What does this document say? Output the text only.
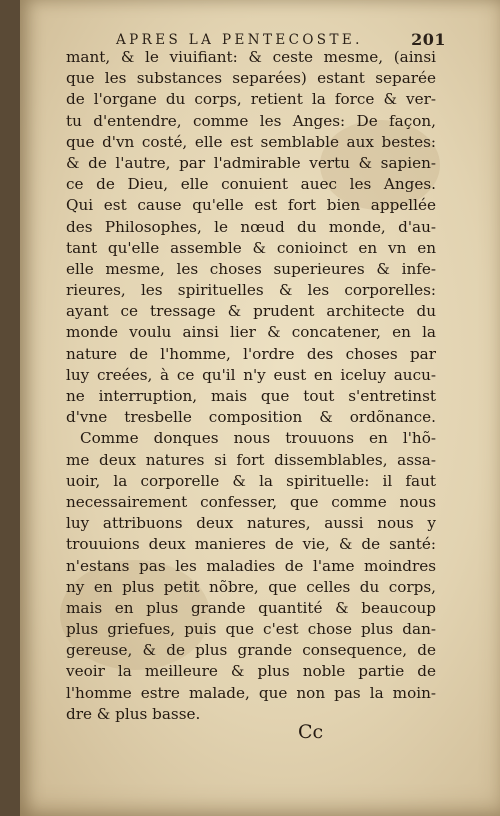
APRES LA PENTECOSTE.	201
mant, & le viuifiant: & ceste mesme, (ainsi
que les substances separées) estant separée
de l'organe du corps, retient la force & ver-
tu d'entendre, comme les Anges: De façon,
que d'vn costé, elle est semblable aux bestes:
& de l'autre, par l'admirable vertu & sapien-
ce de Dieu, elle conuient auec les Anges.
Qui est cause qu'elle est fort bien appellée
des Philosophes, le nœud du monde, d'au-
tant qu'elle assemble & conioinct en vn en
elle mesme, les choses superieures & infe-
rieures, les spirituelles & les corporelles:
ayant ce tressage & prudent architecte du
monde voulu ainsi lier & concatener, en la
nature de l'homme, l'ordre des choses par
luy creées, à ce qu'il n'y eust en iceluy aucu-
ne interruption, mais que tout s'entretinst
d'vne tresbelle composition & ordõnance.
Comme donques nous trouuons en l'hõ-
me deux natures si fort dissemblables, assa-
uoir, la corporelle & la spirituelle: il faut
necessairement confesser, que comme nous
luy attribuons deux natures, aussi nous y
trouuions deux manieres de vie, & de santé:
n'estans pas les maladies de l'ame moindres
ny en plus petit nõbre, que celles du corps,
mais en plus grande quantité & beaucoup
plus griefues, puis que c'est chose plus dan-
gereuse, & de plus grande consequence, de
veoir la meilleure & plus noble partie de
l'homme estre malade, que non pas la moin-
dre & plus basse.
Cc
